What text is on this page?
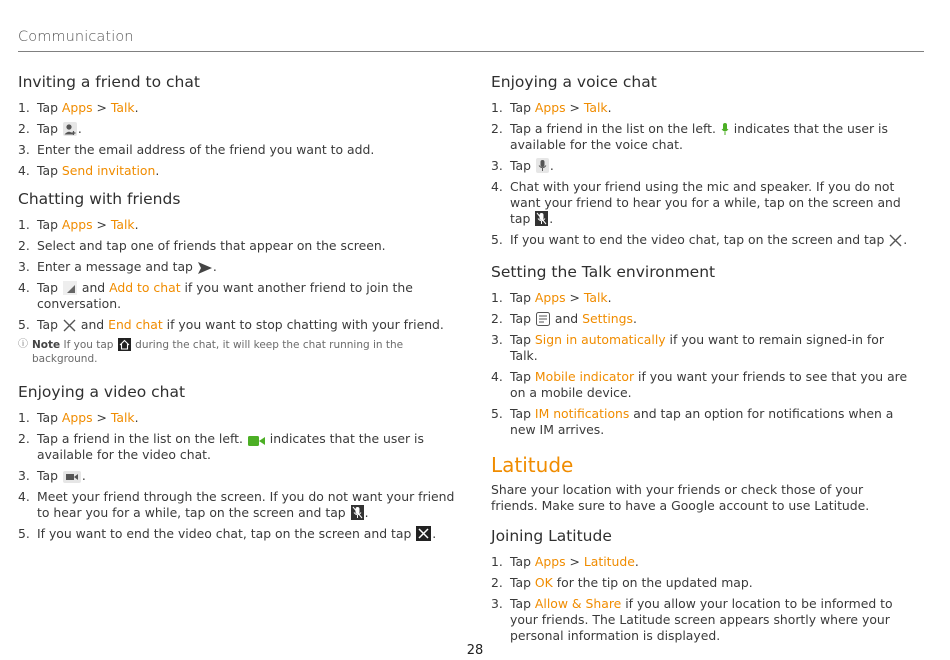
Communication
Inviting a friend to chat
1. Tap Apps > Talk.
2. Tap .
3. Enter the email address of the friend you want to add.
4. Tap Send invitation.
Chatting with friends
1. Tap Apps > Talk.
2. Select and tap one of friends that appear on the screen.
3. Enter a message and tap .
4. Tap  and Add to chat if you want another friend to join the conversation.
5. Tap  and End chat if you want to stop chatting with your friend.
ⓘ Note If you tap  during the chat, it will keep the chat running in the background.
Enjoying a video chat
1. Tap Apps > Talk.
2. Tap a friend in the list on the left.  indicates that the user is available for the video chat.
3. Tap .
4. Meet your friend through the screen. If you do not want your friend to hear you for a while, tap on the screen and tap .
5. If you want to end the video chat, tap on the screen and tap .
Enjoying a voice chat
1. Tap Apps > Talk.
2. Tap a friend in the list on the left.  indicates that the user is available for the voice chat.
3. Tap .
4. Chat with your friend using the mic and speaker. If you do not want your friend to hear you for a while, tap on the screen and tap .
5. If you want to end the video chat, tap on the screen and tap .
Setting the Talk environment
1. Tap Apps > Talk.
2. Tap  and Settings.
3. Tap Sign in automatically if you want to remain signed-in for Talk.
4. Tap Mobile indicator if you want your friends to see that you are on a mobile device.
5. Tap IM notifications and tap an option for notifications when a new IM arrives.
Latitude

Share your location with your friends or check those of your friends. Make sure to have a Google account to use Latitude.

Joining Latitude
1. Tap Apps > Latitude.
2. Tap OK for the tip on the updated map.
3. Tap Allow & Share if you allow your location to be informed to your friends. The Latitude screen appears shortly where your personal information is displayed.
28
